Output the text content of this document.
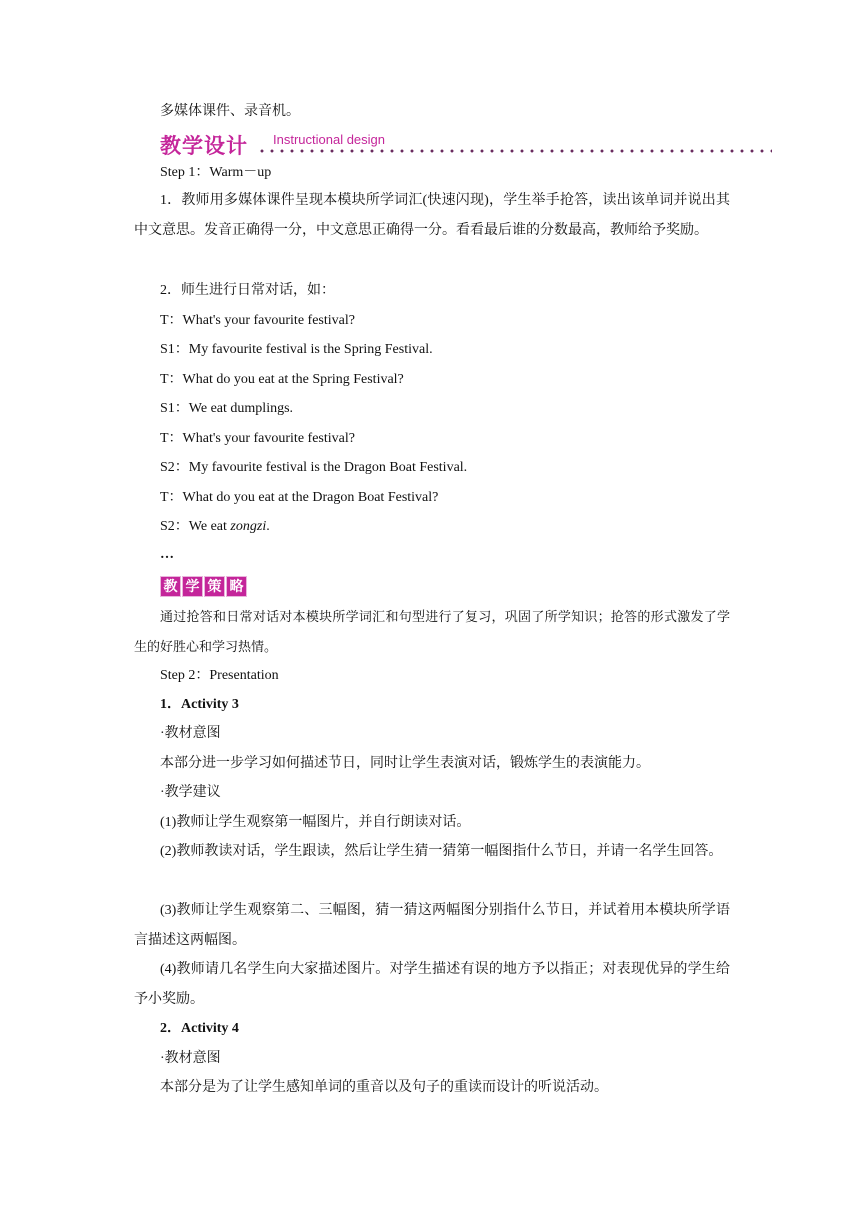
多媒体课件、录音机。
教学设计 Instructional design
Step 1：Warm－up
1．教师用多媒体课件呈现本模块所学词汇(快速闪现)，学生举手抢答，读出该单词并说出其中文意思。发音正确得一分，中文意思正确得一分。看看最后谁的分数最高，教师给予奖励。
2．师生进行日常对话，如：
T：What's your favourite festival?
S1：My favourite festival is the Spring Festival.
T：What do you eat at the Spring Festival?
S1：We eat dumplings.
T：What's your favourite festival?
S2：My favourite festival is the Dragon Boat Festival.
T：What do you eat at the Dragon Boat Festival?
S2：We eat zongzi.
…
教 学 策 略
通过抢答和日常对话对本模块所学词汇和句型进行了复习，巩固了所学知识；抢答的形式激发了学生的好胜心和学习热情。
Step 2：Presentation
1．Activity 3
·教材意图
本部分进一步学习如何描述节日，同时让学生表演对话，锻炼学生的表演能力。
·教学建议
(1)教师让学生观察第一幅图片，并自行朗读对话。
(2)教师教读对话，学生跟读，然后让学生猜一猜第一幅图指什么节日，并请一名学生回答。
(3)教师让学生观察第二、三幅图，猜一猜这两幅图分别指什么节日，并试着用本模块所学语言描述这两幅图。
(4)教师请几名学生向大家描述图片。对学生描述有误的地方予以指正；对表现优异的学生给予小奖励。
2．Activity 4
·教材意图
本部分是为了让学生感知单词的重音以及句子的重读而设计的听说活动。
